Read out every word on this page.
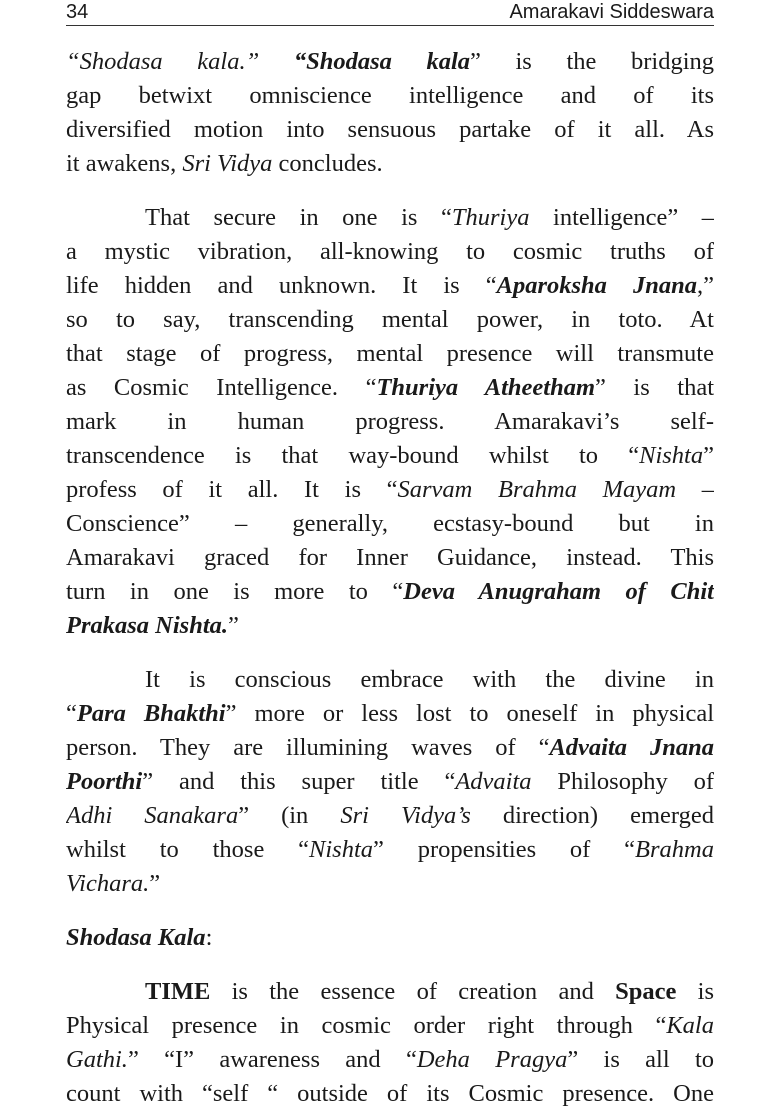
34	Amarakavi Siddeswara
“Shodasa kala.” “Shodasa kala” is the bridging
gap betwixt omniscience intelligence and of its
diversified motion into sensuous partake of it all. As
it awakens, Sri Vidya concludes.
That secure in one is “Thuriya intelligence” –
a mystic vibration, all-knowing to cosmic truths of
life hidden and unknown. It is “Aparoksha Jnana,”
so to say, transcending mental power, in toto. At
that stage of progress, mental presence will transmute
as Cosmic Intelligence. “Thuriya Atheetham” is that
mark in human progress. Amarakavi’s self-
transcendence is that way-bound whilst to “Nishta”
profess of it all. It is “Sarvam Brahma Mayam –
Conscience” – generally, ecstasy-bound but in
Amarakavi graced for Inner Guidance, instead. This
turn in one is more to “Deva Anugraham of Chit
Prakasa Nishta.”
It is conscious embrace with the divine in
“Para Bhakthi” more or less lost to oneself in physical
person. They are illumining waves of “Advaita Jnana
Poorthi” and this super title “Advaita Philosophy of
Adhi Sanakara” (in Sri Vidya’s direction) emerged
whilst to those “Nishta” propensities of “Brahma
Vichara.”
Shodasa Kala:
TIME is the essence of creation and Space is
Physical presence in cosmic order right through “Kala
Gathi.” “I” awareness and “Deha Pragya” is all to
count with “self “ outside of its Cosmic presence. One
